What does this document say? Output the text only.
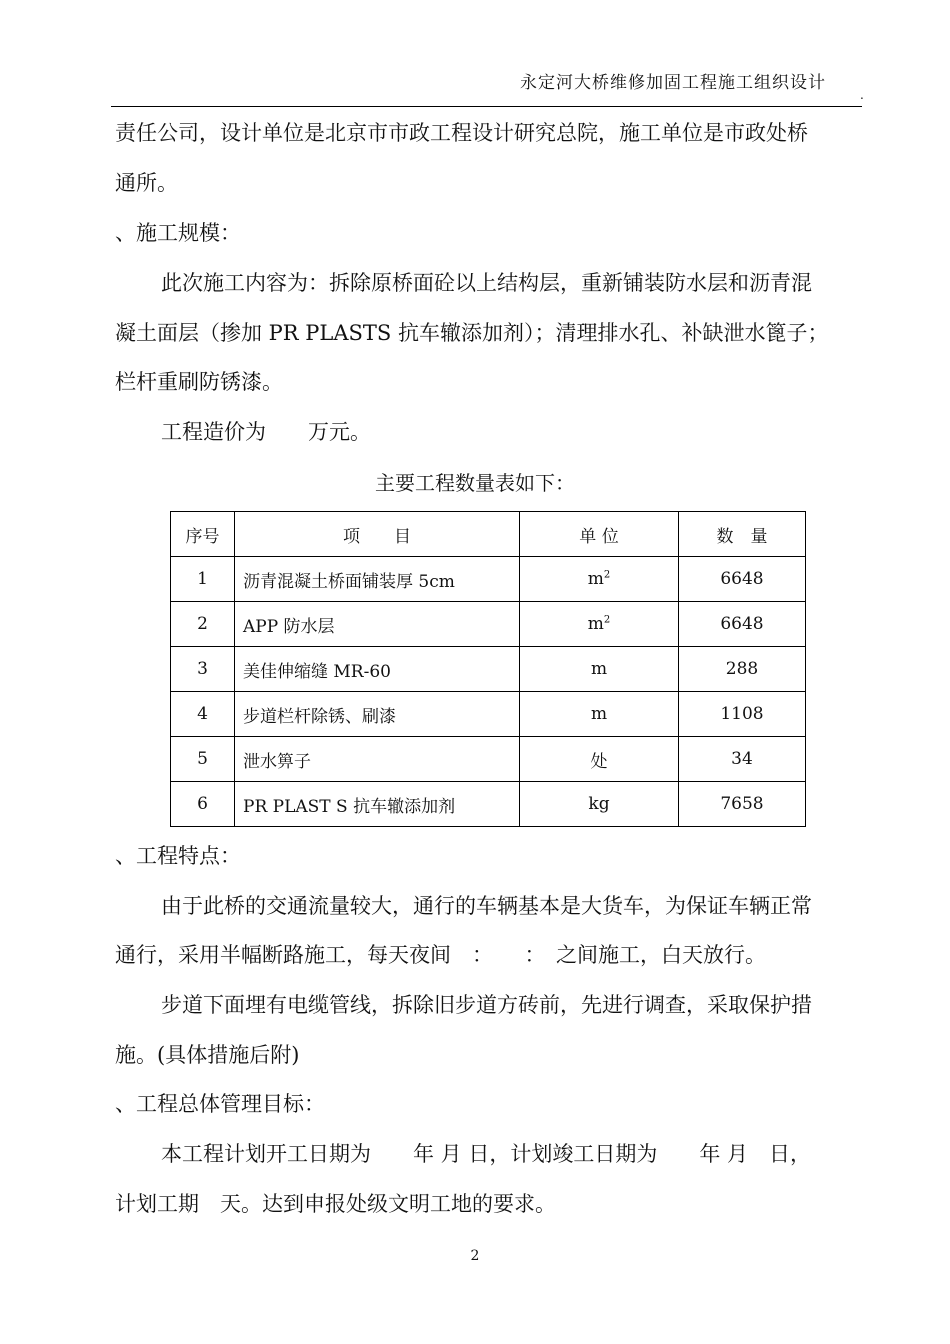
永定河大桥维修加固工程施工组织设计
.
责任公司，设计单位是北京市市政工程设计研究总院，施工单位是市政处桥
通所。
、施工规模：
此次施工内容为：拆除原桥面砼以上结构层，重新铺装防水层和沥青混
凝土面层（掺加 PR PLASTS 抗车辙添加剂）；清理排水孔、补缺泄水篦子；
栏杆重刷防锈漆。
工程造价为　　万元。
主要工程数量表如下：
序号	项　　目	单 位	数　量
1	沥青混凝土桥面铺装厚 5cm	$m^2$	6648
2	APP 防水层	$m^2$	6648
3	美佳伸缩缝 MR-60	m	288
4	步道栏杆除锈、刷漆	m	1108
5	泄水箅子	处	34
6	PR PLAST S 抗车辙添加剂	kg	7658
、工程特点：
由于此桥的交通流量较大，通行的车辆基本是大货车，为保证车辆正常
通行，采用半幅断路施工，每天夜间　：　　：　之间施工，白天放行。
步道下面埋有电缆管线，拆除旧步道方砖前，先进行调查，采取保护措
施。(具体措施后附)
、工程总体管理目标：
本工程计划开工日期为　　年 月 日，计划竣工日期为　　年 月　日，
计划工期　天。达到申报处级文明工地的要求。
2
